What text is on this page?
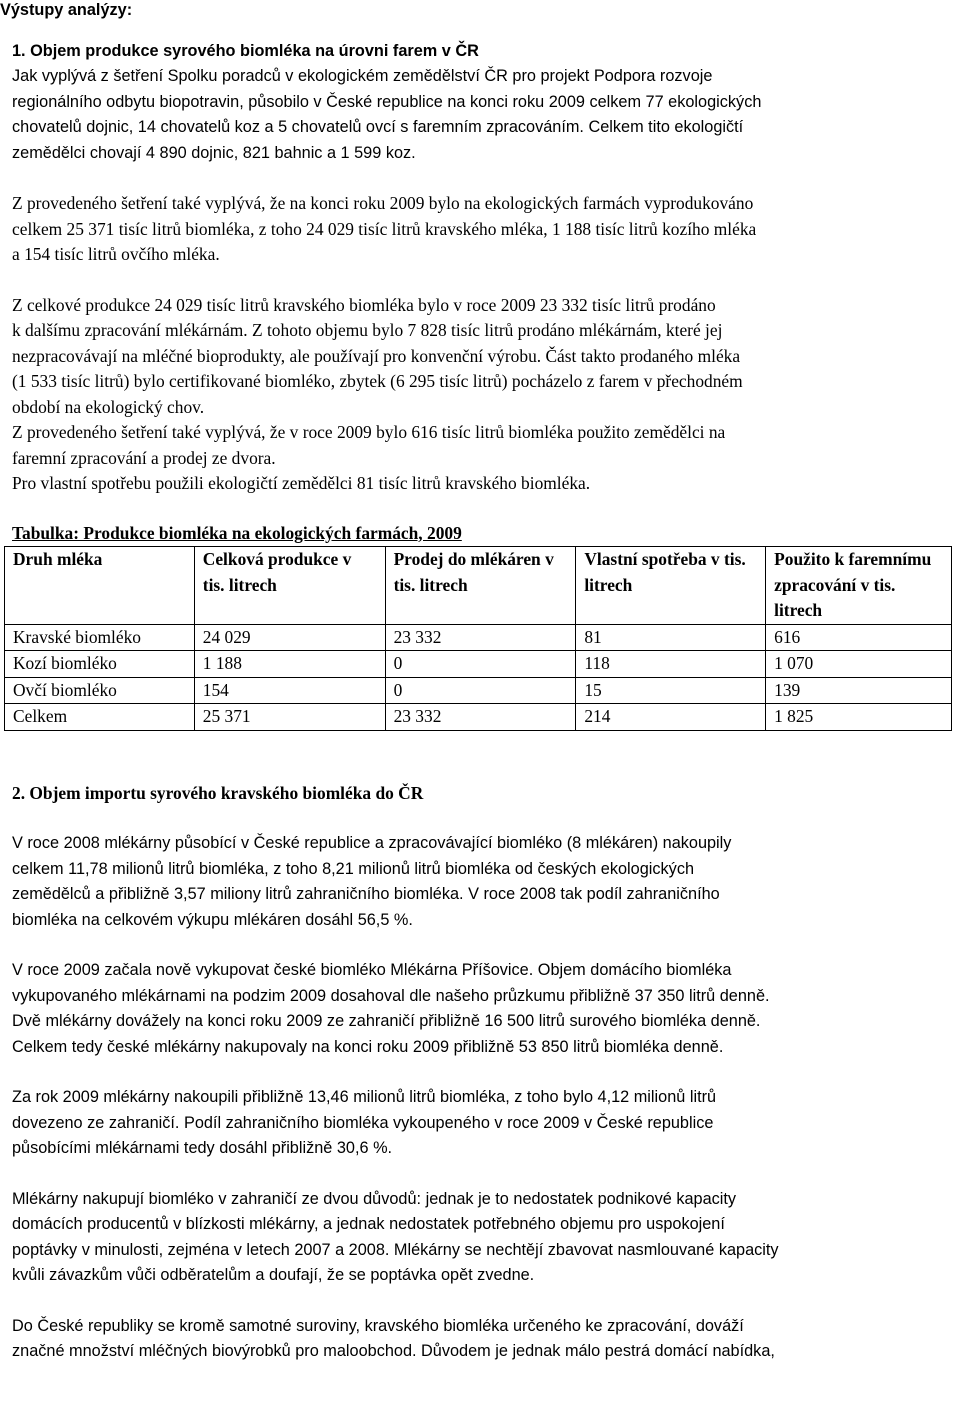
Výstupy analýzy:

1. Objem produkce syrového biomléka na úrovni farem v ČR

Jak vyplývá z šetření Spolku poradců v ekologickém zemědělství ČR pro projekt Podpora rozvoje

regionálního odbytu biopotravin, působilo v České republice na konci roku 2009 celkem 77 ekologických

chovatelů dojnic, 14 chovatelů koz a 5 chovatelů ovcí s faremním zpracováním. Celkem tito ekologičtí

zemědělci chovají 4 890 dojnic, 821 bahnic a 1 599 koz.

Z provedeného šetření také vyplývá, že na konci roku 2009 bylo na ekologických farmách vyprodukováno

celkem 25 371 tisíc litrů biomléka, z toho 24 029 tisíc litrů kravského mléka, 1 188 tisíc litrů kozího mléka

a 154 tisíc litrů ovčího mléka.

Z celkové produkce 24 029 tisíc litrů kravského biomléka bylo v roce 2009 23 332 tisíc litrů prodáno

k dalšímu zpracování mlékárnám. Z tohoto objemu bylo 7 828 tisíc litrů prodáno mlékárnám, které jej

nezpracovávají na mléčné bioprodukty, ale používají pro konvenční výrobu. Část takto prodaného mléka

(1 533 tisíc litrů) bylo certifikované biomléko, zbytek (6 295 tisíc litrů) pocházelo z farem v přechodném

období na ekologický chov.

Z provedeného šetření také vyplývá, že v roce 2009 bylo 616 tisíc litrů biomléka použito zemědělci na

faremní zpracování a prodej ze dvora.

Pro vlastní spotřebu použili ekologičtí zemědělci 81 tisíc litrů kravského biomléka.

Tabulka: Produkce biomléka na ekologických farmách, 2009

Druh mléka	Celková produkce v tis. litrech	Prodej do mlékáren v tis. litrech	Vlastní spotřeba v tis. litrech	Použito k faremnímu zpracování v tis. litrech
Kravské biomléko	24 029	23 332	81	616
Kozí biomléko	1 188	0	118	1 070
Ovčí biomléko	154	0	15	139
Celkem	25 371	23 332	214	1 825

2. Objem importu syrového kravského biomléka do ČR

V roce 2008 mlékárny působící v České republice a zpracovávající biomléko (8 mlékáren) nakoupily

celkem 11,78 milionů litrů biomléka, z toho 8,21 milionů litrů biomléka od českých ekologických

zemědělců a přibližně 3,57 miliony litrů zahraničního biomléka. V roce 2008 tak podíl zahraničního

biomléka na celkovém výkupu mlékáren dosáhl 56,5 %.

V roce 2009 začala nově vykupovat české biomléko Mlékárna Příšovice. Objem domácího biomléka

vykupovaného mlékárnami na podzim 2009 dosahoval dle našeho průzkumu přibližně 37 350 litrů denně.

Dvě mlékárny dovážely na konci roku 2009 ze zahraničí přibližně 16 500 litrů surového biomléka denně.

Celkem tedy české mlékárny nakupovaly na konci roku 2009 přibližně 53 850 litrů biomléka denně.

Za rok 2009 mlékárny nakoupili přibližně 13,46 milionů litrů biomléka, z toho bylo 4,12 milionů litrů

dovezeno ze zahraničí. Podíl zahraničního biomléka vykoupeného v roce 2009 v České republice

působícími mlékárnami tedy dosáhl přibližně 30,6 %.

Mlékárny nakupují biomléko v zahraničí ze dvou důvodů: jednak je to nedostatek podnikové kapacity

domácích producentů v blízkosti mlékárny, a jednak nedostatek potřebného objemu pro uspokojení

poptávky v minulosti, zejména v letech 2007 a 2008. Mlékárny se nechtějí zbavovat nasmlouvané kapacity

kvůli závazkům vůči odběratelům a doufají, že se poptávka opět zvedne.

Do České republiky se kromě samotné suroviny, kravského biomléka určeného ke zpracování, dováží

značné množství mléčných biovýrobků pro maloobchod. Důvodem je jednak málo pestrá domácí nabídka,
